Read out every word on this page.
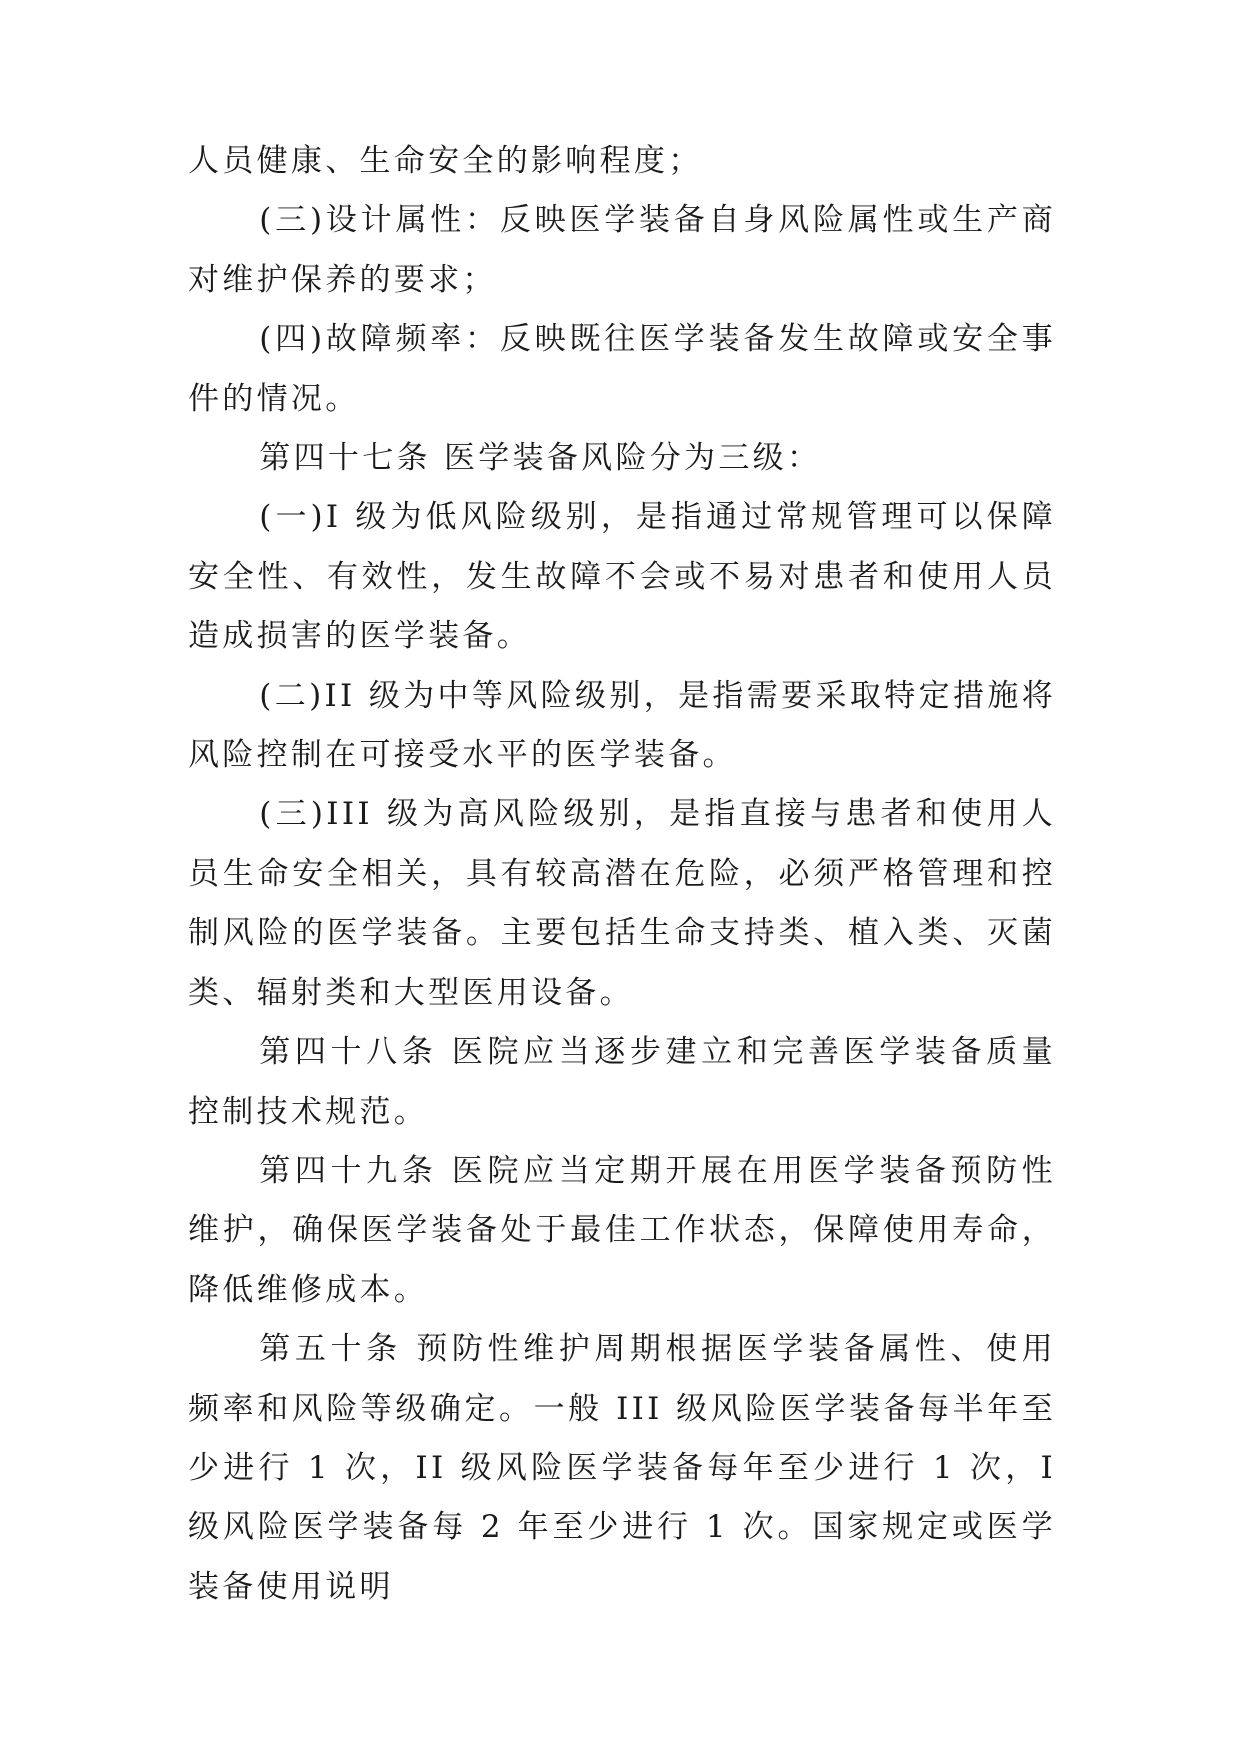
人员健康、生命安全的影响程度；

(三)设计属性：反映医学装备自身风险属性或生产商对维护保养的要求；

(四)故障频率：反映既往医学装备发生故障或安全事件的情况。

第四十七条 医学装备风险分为三级：

(一)I 级为低风险级别，是指通过常规管理可以保障安全性、有效性，发生故障不会或不易对患者和使用人员造成损害的医学装备。

(二)II 级为中等风险级别，是指需要采取特定措施将风险控制在可接受水平的医学装备。

(三)III 级为高风险级别，是指直接与患者和使用人员生命安全相关，具有较高潜在危险，必须严格管理和控制风险的医学装备。主要包括生命支持类、植入类、灭菌类、辐射类和大型医用设备。

第四十八条 医院应当逐步建立和完善医学装备质量控制技术规范。

第四十九条 医院应当定期开展在用医学装备预防性维护，确保医学装备处于最佳工作状态，保障使用寿命，降低维修成本。

第五十条 预防性维护周期根据医学装备属性、使用频率和风险等级确定。一般 III 级风险医学装备每半年至少进行 1 次，II 级风险医学装备每年至少进行 1 次，I 级风险医学装备每 2 年至少进行 1 次。国家规定或医学装备使用说明
